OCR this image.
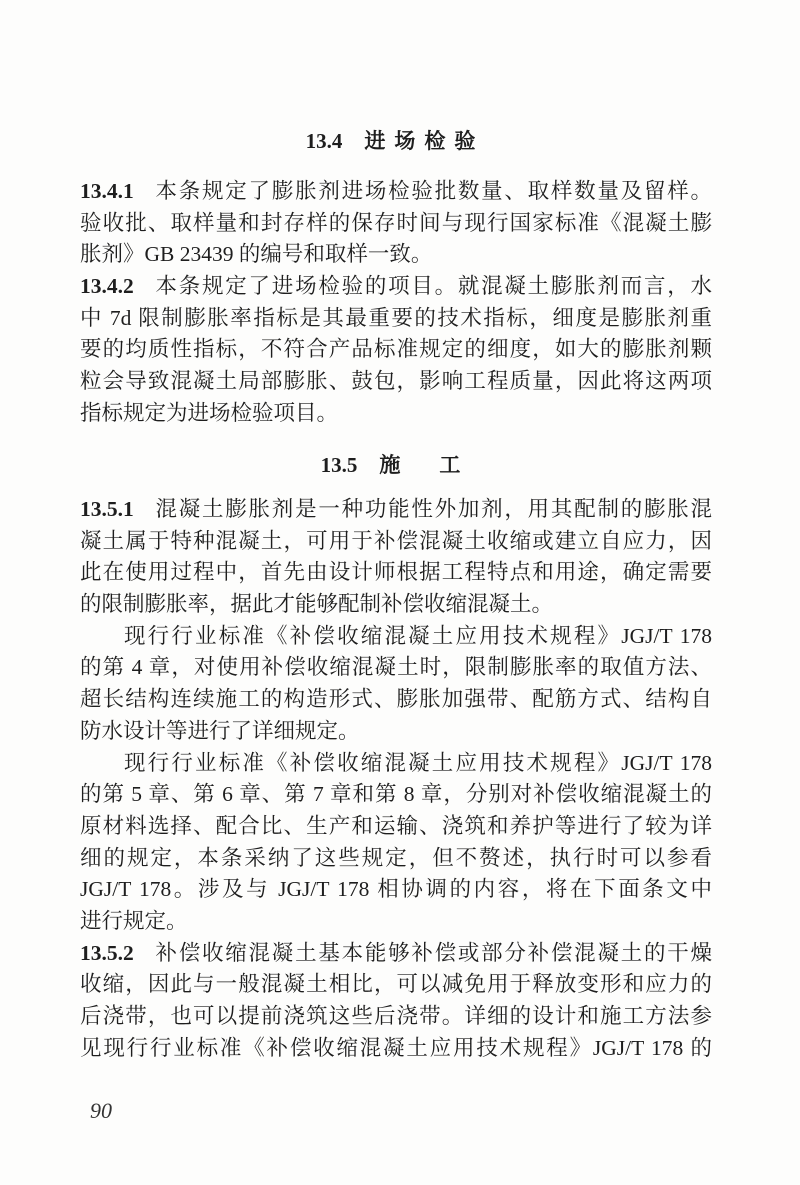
13.4 进场检验
13.4.1 本条规定了膨胀剂进场检验批数量、取样数量及留样。
验收批、取样量和封存样的保存时间与现行国家标准《混凝土膨
胀剂》GB 23439 的编号和取样一致。
13.4.2 本条规定了进场检验的项目。就混凝土膨胀剂而言，水
中 7d 限制膨胀率指标是其最重要的技术指标，细度是膨胀剂重
要的均质性指标，不符合产品标准规定的细度，如大的膨胀剂颗
粒会导致混凝土局部膨胀、鼓包，影响工程质量，因此将这两项
指标规定为进场检验项目。
13.5 施　工
13.5.1 混凝土膨胀剂是一种功能性外加剂，用其配制的膨胀混
凝土属于特种混凝土，可用于补偿混凝土收缩或建立自应力，因
此在使用过程中，首先由设计师根据工程特点和用途，确定需要
的限制膨胀率，据此才能够配制补偿收缩混凝土。
现行行业标准《补偿收缩混凝土应用技术规程》JGJ/T 178
的第 4 章，对使用补偿收缩混凝土时，限制膨胀率的取值方法、
超长结构连续施工的构造形式、膨胀加强带、配筋方式、结构自
防水设计等进行了详细规定。
现行行业标准《补偿收缩混凝土应用技术规程》JGJ/T 178
的第 5 章、第 6 章、第 7 章和第 8 章，分别对补偿收缩混凝土的
原材料选择、配合比、生产和运输、浇筑和养护等进行了较为详
细的规定，本条采纳了这些规定，但不赘述，执行时可以参看
JGJ/T 178。涉及与 JGJ/T 178 相协调的内容，将在下面条文中
进行规定。
13.5.2 补偿收缩混凝土基本能够补偿或部分补偿混凝土的干燥
收缩，因此与一般混凝土相比，可以减免用于释放变形和应力的
后浇带，也可以提前浇筑这些后浇带。详细的设计和施工方法参
见现行行业标准《补偿收缩混凝土应用技术规程》JGJ/T 178 的
90
